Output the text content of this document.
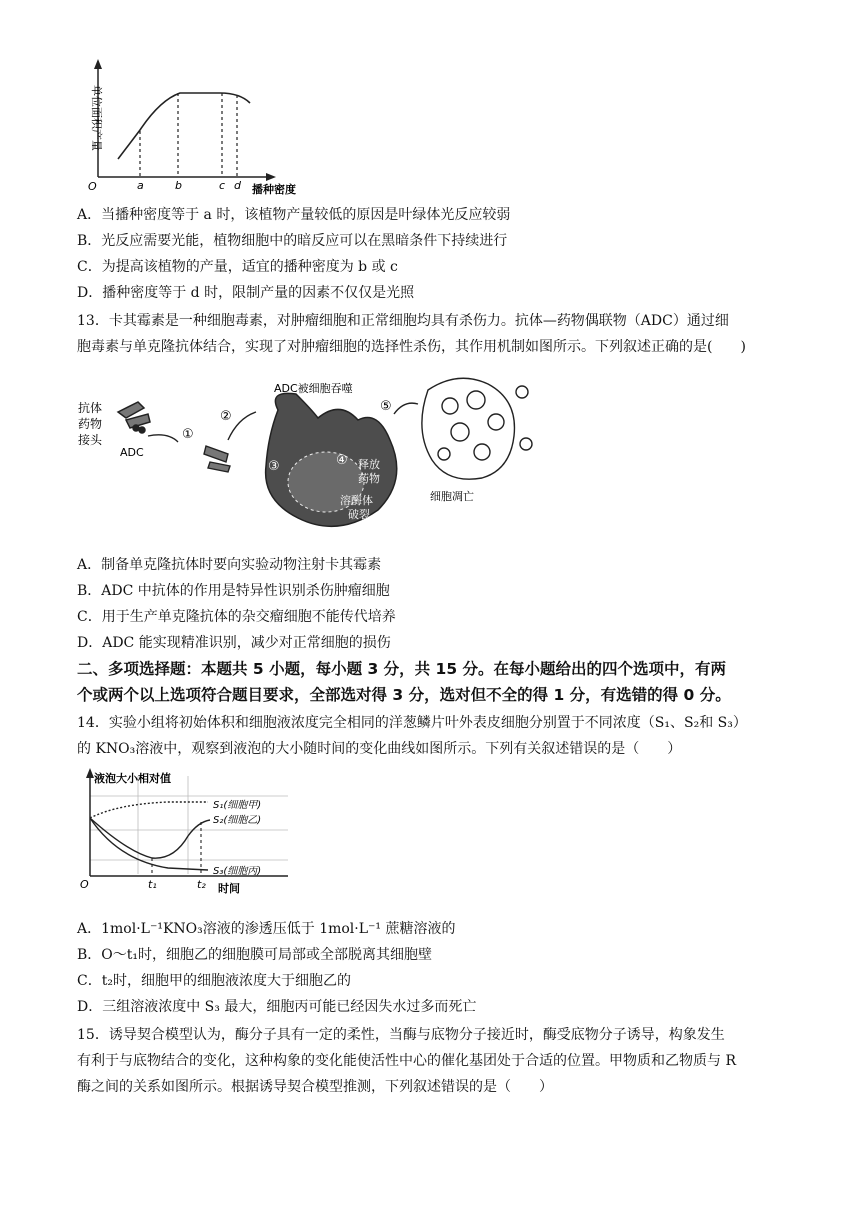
单位面积产量
O	a	b	c d 播种密度
A．当播种密度等于 a 时，该植物产量较低的原因是叶绿体光反应较弱
B．光反应需要光能，植物细胞中的暗反应可以在黑暗条件下持续进行
C．为提高该植物的产量，适宜的播种密度为 b 或 c
D．播种密度等于 d 时，限制产量的因素不仅仅是光照
13．卡其霉素是一种细胞毒素，对肿瘤细胞和正常细胞均具有杀伤力。抗体—药物偶联物（ADC）通过细
胞毒素与单克隆抗体结合，实现了对肿瘤细胞的选择性杀伤，其作用机制如图所示。下列叙述正确的是(　　)
抗体
药物
接头
ADC
①
②
ADC被细胞吞噬
③	④ 释放
药物
溶酶体
破裂
⑤
细胞凋亡
A．制备单克隆抗体时要向实验动物注射卡其霉素
B．ADC 中抗体的作用是特异性识别杀伤肿瘤细胞
C．用于生产单克隆抗体的杂交瘤细胞不能传代培养
D．ADC 能实现精准识别，减少对正常细胞的损伤
二、多项选择题：本题共 5 小题，每小题 3 分，共 15 分。在每小题给出的四个选项中，有两
个或两个以上选项符合题目要求，全部选对得 3 分，选对但不全的得 1 分，有选错的得 0 分。
14．实验小组将初始体积和细胞液浓度完全相同的洋葱鳞片叶外表皮细胞分别置于不同浓度（S₁、S₂和 S₃）
的 KNO₃溶液中，观察到液泡的大小随时间的变化曲线如图所示。下列有关叙述错误的是（　　）
液泡大小相对值
S₁(细胞甲)
S₂(细胞乙)
S₃(细胞丙)
O	t₁	t₂ 时间
A．1mol·L⁻¹KNO₃溶液的渗透压低于 1mol·L⁻¹ 蔗糖溶液的
B．O～t₁时，细胞乙的细胞膜可局部或全部脱离其细胞壁
C．t₂时，细胞甲的细胞液浓度大于细胞乙的
D．三组溶液浓度中 S₃ 最大，细胞丙可能已经因失水过多而死亡
15．诱导契合模型认为，酶分子具有一定的柔性，当酶与底物分子接近时，酶受底物分子诱导，构象发生
有利于与底物结合的变化，这种构象的变化能使活性中心的催化基团处于合适的位置。甲物质和乙物质与 R
酶之间的关系如图所示。根据诱导契合模型推测，下列叙述错误的是（　　）
